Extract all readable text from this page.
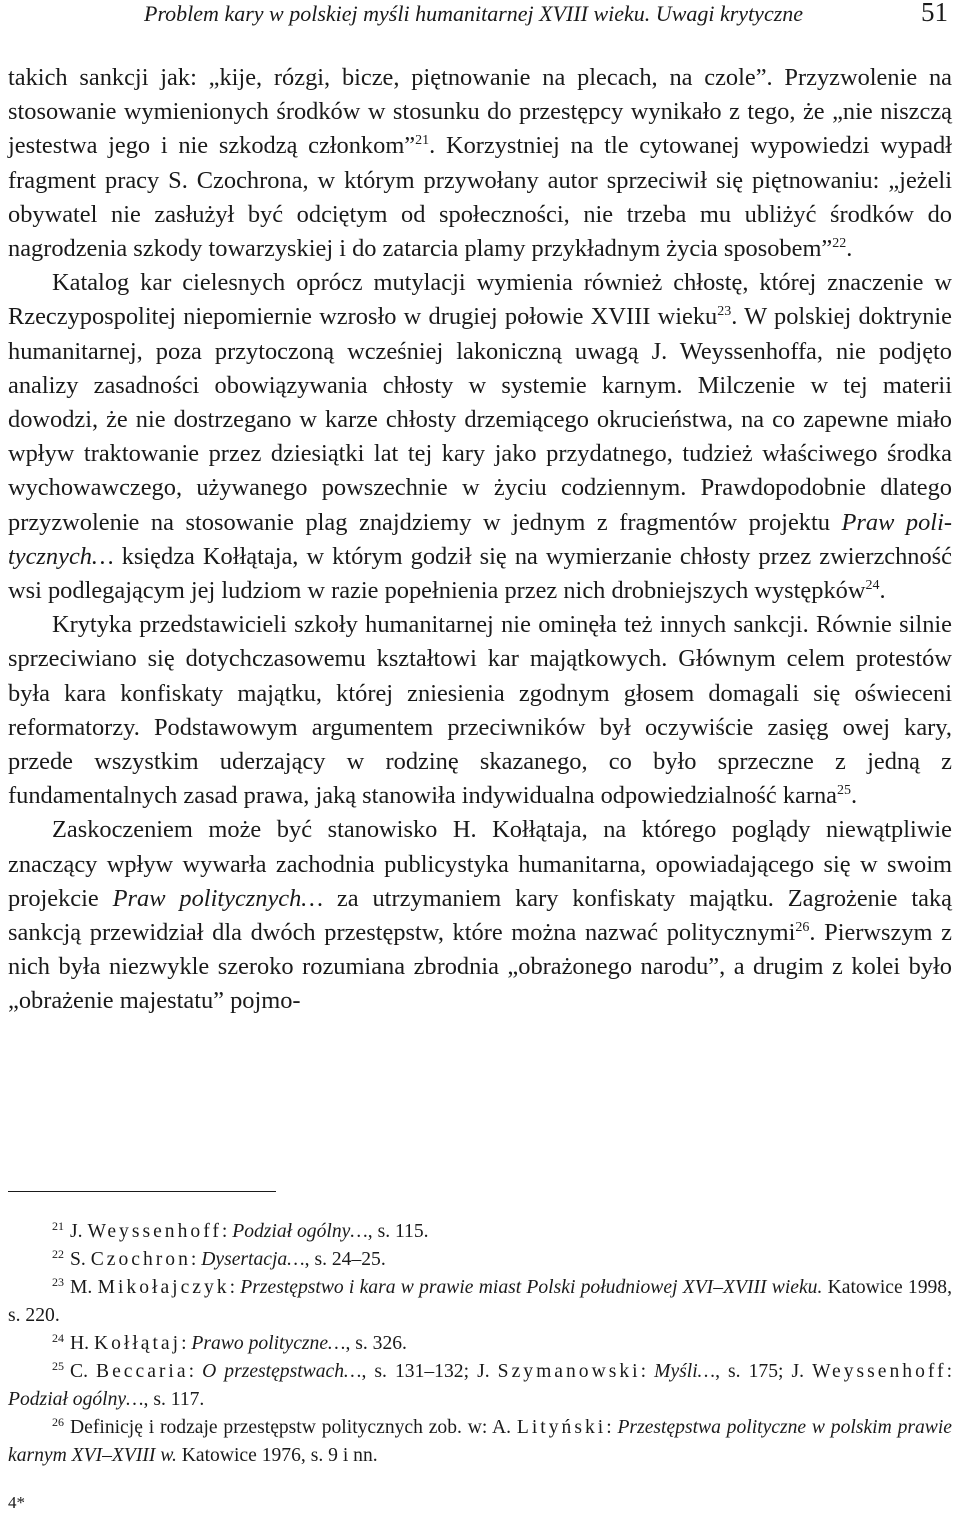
Problem kary w polskiej myśli humanitarnej XVIII wieku. Uwagi krytyczne	51

takich sankcji jak: „kije, rózgi, bicze, piętnowanie na plecach, na czole”. Przyzwolenie na stosowanie wymienionych środków w stosunku do przestępcy wynikało z tego, że „nie niszczą jestestwa jego i nie szkodzą członkom”$^{21}$. Korzystniej na tle cytowanej wypowiedzi wypadł fragment pracy S. Czochrona, w którym przywołany autor sprzeciwił się piętnowaniu: „jeżeli obywatel nie zasłużył być odciętym od społeczności, nie trzeba mu ubliżyć środków do nagrodzenia szkody towarzyskiej i do zatarcia plamy przykładnym życia sposobem”$^{22}$.

Katalog kar cielesnych oprócz mutylacji wymienia również chłostę, której znaczenie w Rzeczypospolitej niepomiernie wzrosło w drugiej połowie XVIII wieku$^{23}$. W polskiej doktrynie humanitarnej, poza przytoczoną wcześniej lakoniczną uwagą J. Weyssenhoffa, nie podjęto analizy zasadności obowiązywania chłosty w systemie karnym. Milczenie w tej materii dowodzi, że nie dostrzegano w karze chłosty drzemiącego okrucieństwa, na co zapewne miało wpływ traktowanie przez dziesiątki lat tej kary jako przydatnego, tudzież właściwego środka wychowawczego, używanego powszechnie w życiu codziennym. Prawdopodobnie dlatego przyzwolenie na stosowanie plag znajdziemy w jednym z fragmentów projektu Praw politycznych… księdza Kołłątaja, w którym godził się na wymierzanie chłosty przez zwierzchność wsi podlegającym jej ludziom w razie popełnienia przez nich drobniejszych występków$^{24}$.

Krytyka przedstawicieli szkoły humanitarnej nie ominęła też innych sankcji. Równie silnie sprzeciwiano się dotychczasowemu kształtowi kar majątkowych. Głównym celem protestów była kara konfiskaty majątku, której zniesienia zgodnym głosem domagali się oświeceni reformatorzy. Podstawowym argumentem przeciwników był oczywiście zasięg owej kary, przede wszystkim uderzający w rodzinę skazanego, co było sprzeczne z jedną z fundamentalnych zasad prawa, jaką stanowiła indywidualna odpowiedzialność karna$^{25}$.

Zaskoczeniem może być stanowisko H. Kołłątaja, na którego poglądy niewątpliwie znaczący wpływ wywarła zachodnia publicystyka humanitarna, opowiadającego się w swoim projekcie Praw politycznych… za utrzymaniem kary konfiskaty majątku. Zagrożenie taką sankcją przewidział dla dwóch przestępstw, które można nazwać politycznymi$^{26}$. Pierwszym z nich była niezwykle szeroko rozumiana zbrodnia „obrażonego narodu”, a drugim z kolei było „obrażenie majestatu” pojmo-

$^{21}$ J. Weyssenhoff: Podział ogólny…, s. 115.

$^{22}$ S. Czochron: Dysertacja…, s. 24–25.

$^{23}$ M. Mikołajczyk: Przestępstwo i kara w prawie miast Polski południowej XVI–XVIII wieku. Katowice 1998, s. 220.

$^{24}$ H. Kołłątaj: Prawo polityczne…, s. 326.

$^{25}$ C. Beccaria: O przestępstwach…, s. 131–132; J. Szymanowski: Myśli…, s. 175; J. Weyssenhoff: Podział ogólny…, s. 117.

$^{26}$ Definicję i rodzaje przestępstw politycznych zob. w: A. Lityński: Przestępstwa polityczne w polskim prawie karnym XVI–XVIII w. Katowice 1976, s. 9 i nn.

4*
